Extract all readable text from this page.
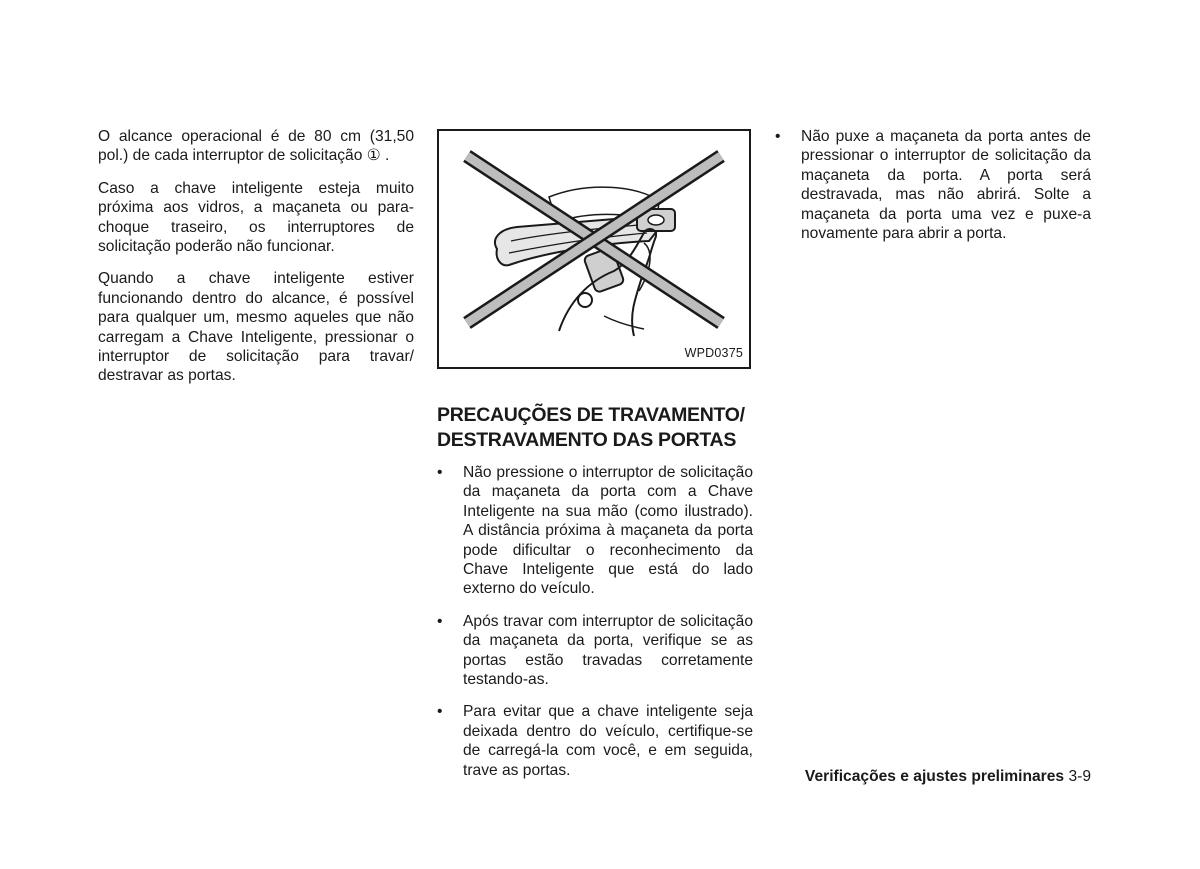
O alcance operacional é de 80 cm (31,50 pol.) de cada interruptor de solicitação ① .

Caso a chave inteligente esteja muito próxima aos vidros, a maçaneta ou para-choque traseiro, os interruptores de solicitação poderão não funcionar.

Quando a chave inteligente estiver funcionando dentro do alcance, é possível para qualquer um, mesmo aqueles que não carregam a Chave Inteligente, pressionar o interruptor de solicitação para travar/ destravar as portas.

WPD0375
PRECAUÇÕES DE TRAVAMENTO/
DESTRAVAMENTO DAS PORTAS
• Não pressione o interruptor de solicitação da maçaneta da porta com a Chave Inteligente na sua mão (como ilustrado). A distância próxima à maçaneta da porta pode dificultar o reconhecimento da Chave Inteligente que está do lado externo do veículo.
• Após travar com interruptor de solicitação da maçaneta da porta, verifique se as portas estão travadas corretamente testando-as.
• Para evitar que a chave inteligente seja deixada dentro do veículo, certifique-se de carregá-la com você, e em seguida, trave as portas.
• Não puxe a maçaneta da porta antes de pressionar o interruptor de solicitação da maçaneta da porta. A porta será destravada, mas não abrirá. Solte a maçaneta da porta uma vez e puxe-a novamente para abrir a porta.
Verificações e ajustes preliminares 3-9
